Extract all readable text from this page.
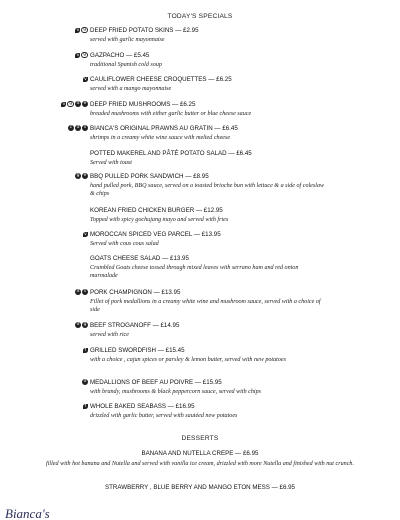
TODAY'S SPECIALS
v g DEEP FRIED POTATO SKINS — £2.95
served with garlic mayonnaise
v g GAZPACHO — £5.45
traditional Spanish cold soup
v CAULIFLOWER CHEESE CROQUETTES — £6.25
served with a mango mayonnaise
v g d e DEEP FRIED MUSHROOMS — £6.25
breaded mushrooms with either garlic butter or blue cheese sauce
c d s BIANCA'S ORIGINAL PRAWNS AU GRATIN — £6.45
shrimps in a creamy white wine sauce with melted cheese
POTTED MAKEREL AND PÂTÉ POTATO SALAD — £6.45
Served with toast
g e BBQ PULLED PORK SANDWICH — £8.95
hand pulled pork, BBQ sauce, served on a toasted brioche bun with lettuce & a side of coleslaw & chips
KOREAN FRIED CHICKEN BURGER — £12.95
Topped with spicy gochujang mayo and served with fries
v MOROCCAN SPICED VEG PARCEL — £13.95
Served with cous cous salad
GOATS CHEESE SALAD — £13.95
Crumbled Goats cheese tossed through mixed leaves with serrano ham and red onion marmalade
d s PORK CHAMPIGNON — £13.95
Fillet of pork medallions in a creamy white wine and mushroom sauce, served with a choice of side
d g BEEF STROGANOFF — £14.95
served with rice
f GRILLED SWORDFISH — £15.45
with a choice , cajun spices or parsley & lemon butter, served with new potatoes
d MEDALLIONS OF BEEF AU POIVRE — £15.95
with brandy, mushrooms & black peppercorn sauce, served with chips
f WHOLE BAKED SEABASS — £16.95
drizzled with garlic butter, served with sautéed new potatoes
DESSERTS
BANANA AND NUTELLA CREPE — £6.95
filled with hot banana and Nutella and served with vanilla ice cream, drizzled with more Nutella and finished with nut crunch.
STRAWBERRY , BLUE BERRY AND MANGO ETON MESS — £6.95
Bianca's
